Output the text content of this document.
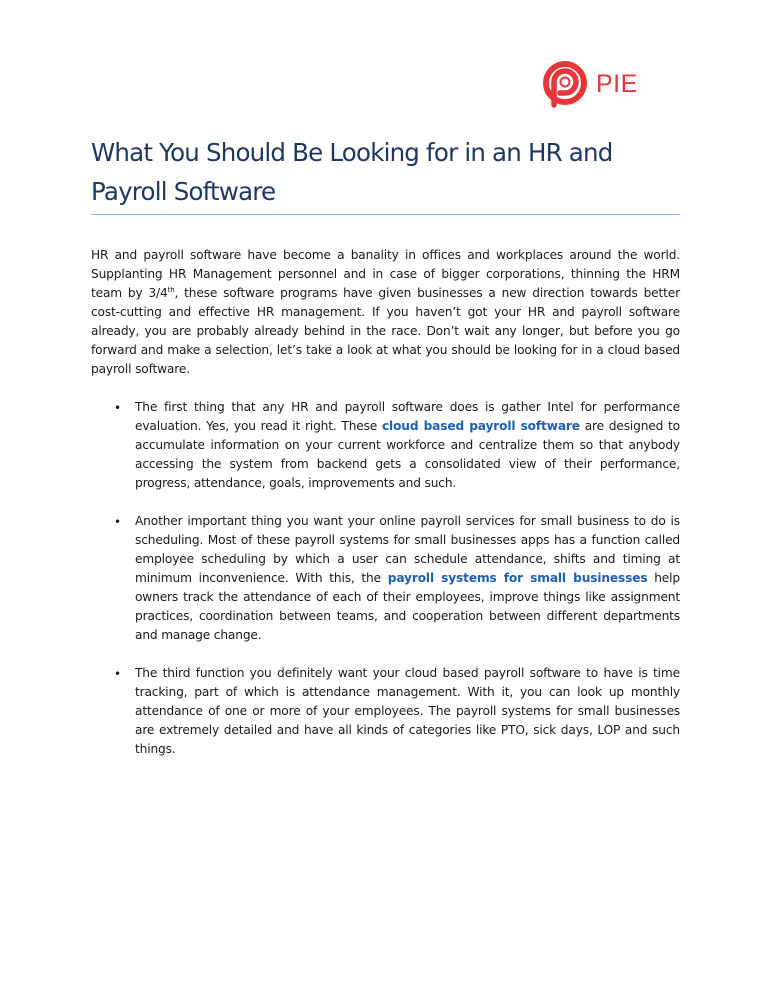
PIE
What You Should Be Looking for in an HR and Payroll Software

HR and payroll software have become a banality in offices and workplaces around the world. Supplanting HR Management personnel and in case of bigger corporations, thinning the HRM team by 3/4th, these software programs have given businesses a new direction towards better cost-cutting and effective HR management. If you haven’t got your HR and payroll software already, you are probably already behind in the race. Don’t wait any longer, but before you go forward and make a selection, let’s take a look at what you should be looking for in a cloud based payroll software.

• The first thing that any HR and payroll software does is gather Intel for performance evaluation. Yes, you read it right. These cloud based payroll software are designed to accumulate information on your current workforce and centralize them so that anybody accessing the system from backend gets a consolidated view of their performance, progress, attendance, goals, improvements and such.
• Another important thing you want your online payroll services for small business to do is scheduling. Most of these payroll systems for small businesses apps has a function called employee scheduling by which a user can schedule attendance, shifts and timing at minimum inconvenience. With this, the payroll systems for small businesses help owners track the attendance of each of their employees, improve things like assignment practices, coordination between teams, and cooperation between different departments and manage change.
• The third function you definitely want your cloud based payroll software to have is time tracking, part of which is attendance management. With it, you can look up monthly attendance of one or more of your employees. The payroll systems for small businesses are extremely detailed and have all kinds of categories like PTO, sick days, LOP and such things.
